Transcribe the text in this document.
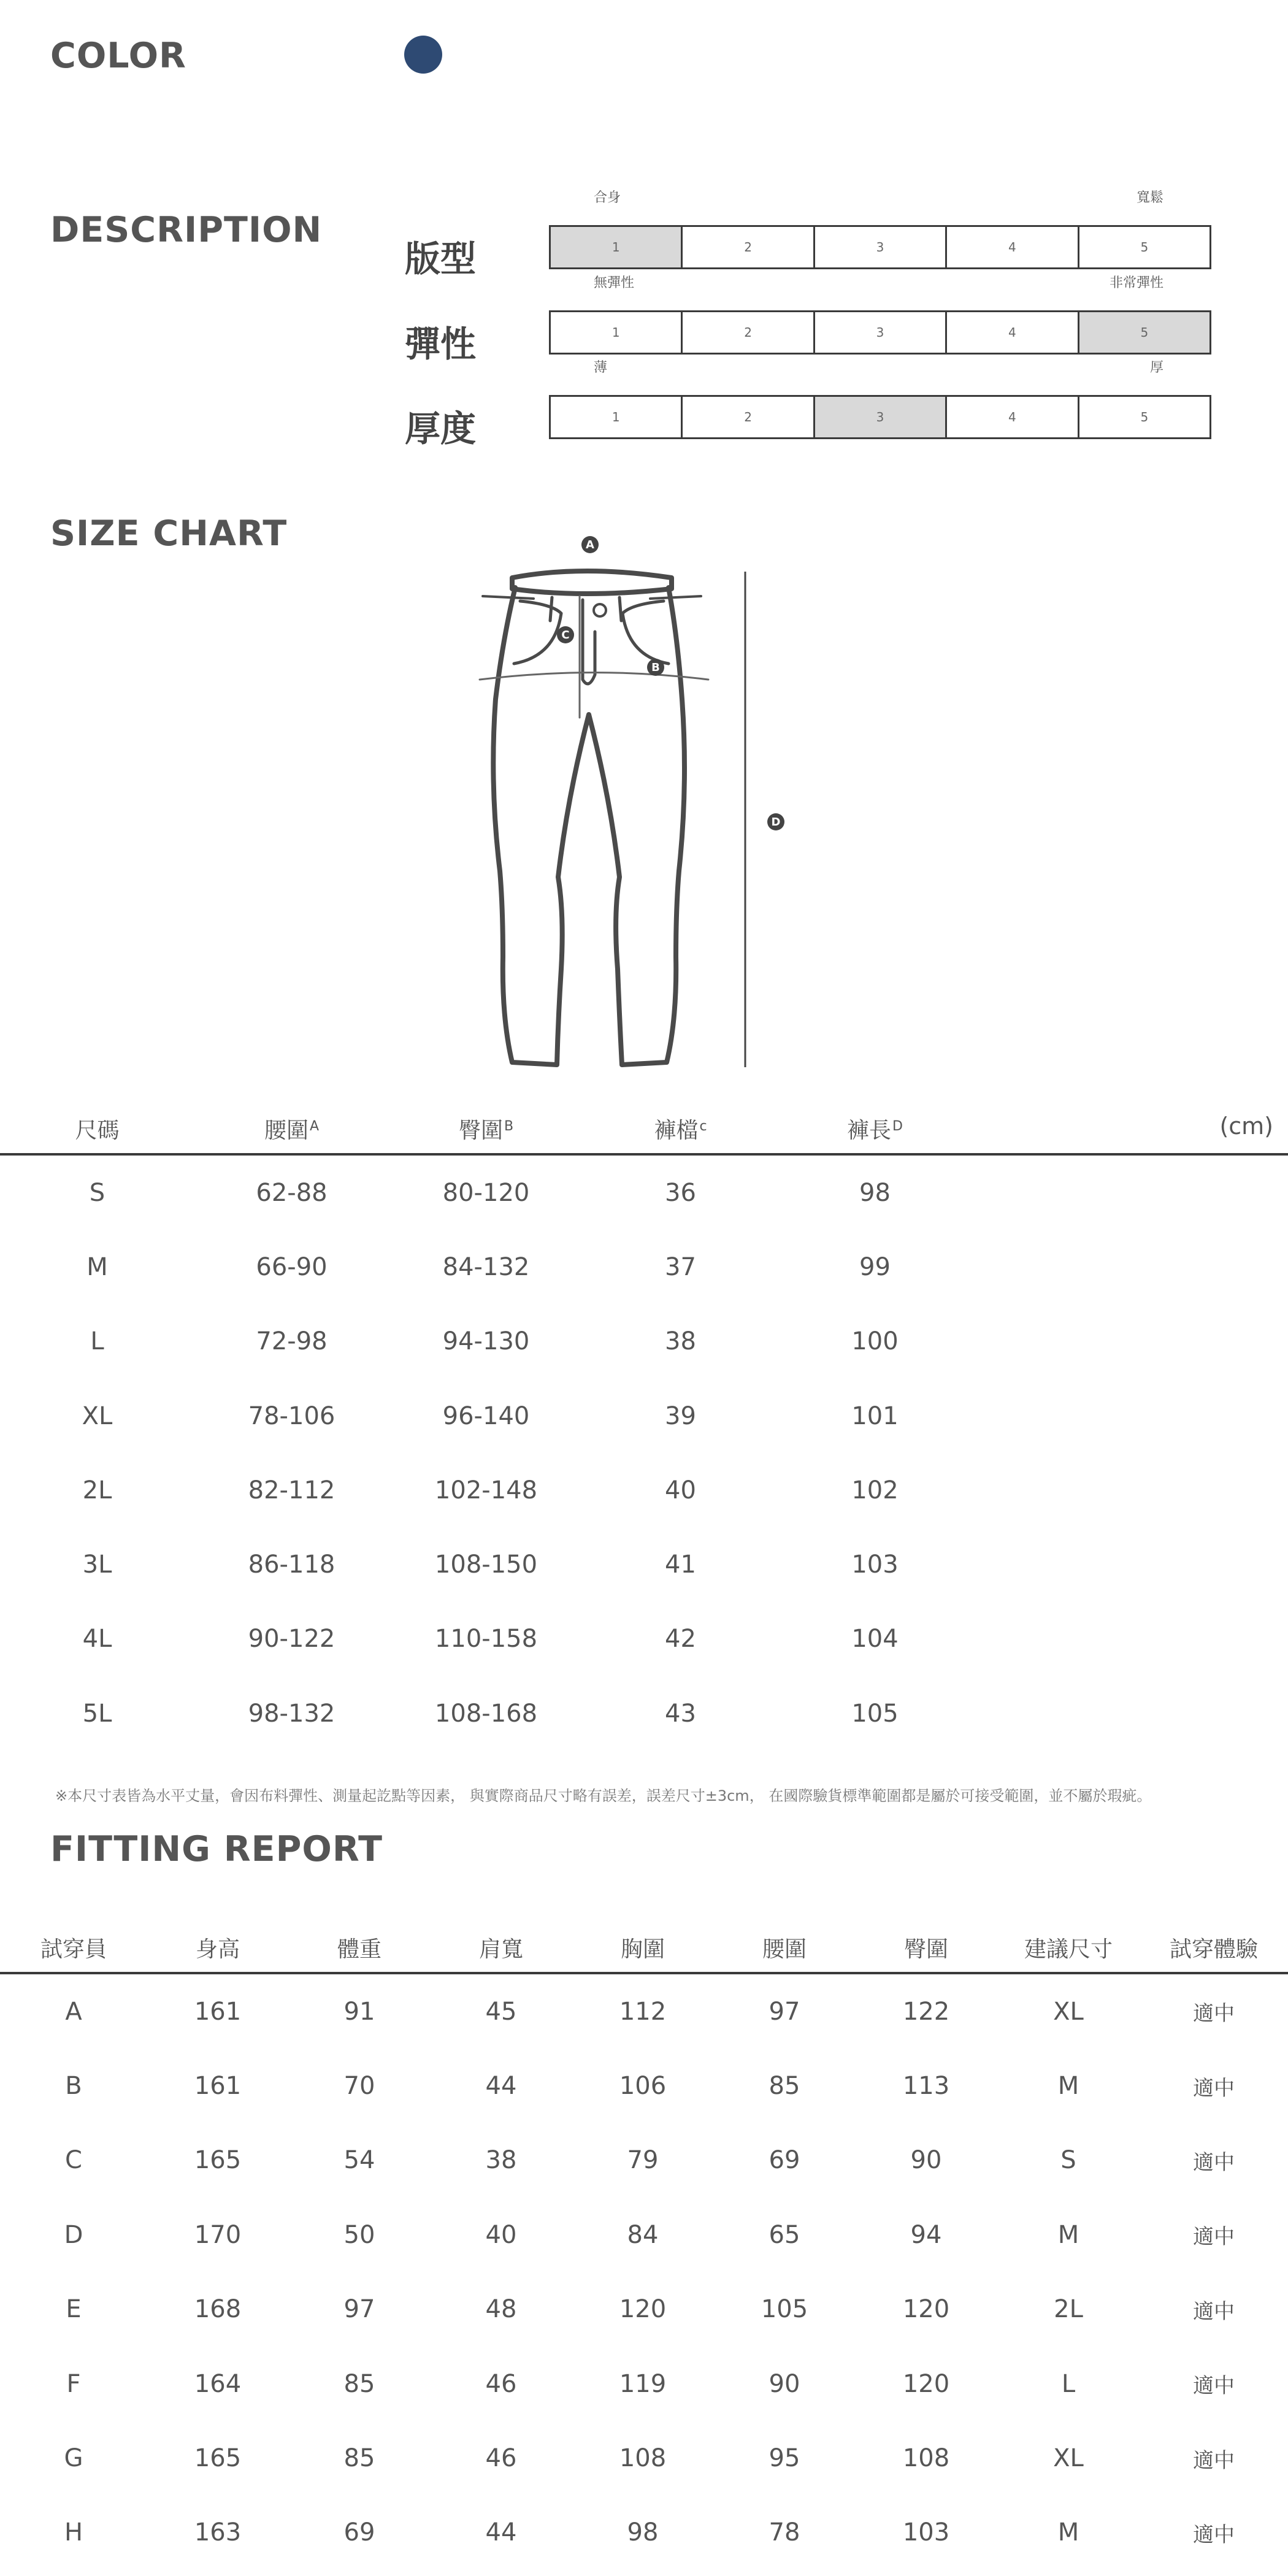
COLOR
DESCRIPTION
版型
合身	寬鬆
1	2	3	4	5
彈性
無彈性	非常彈性
1	2	3	4	5
厚度
薄	厚
1	2	3	4	5
SIZE CHART	A
B
C
D
(cm)
尺碼	腰圍$^A$	臀圍$^B$	褲檔$^c$	褲長$^D$	
S	62-88	80-120	36	98	
M	66-90	84-132	37	99	
L	72-98	94-130	38	100	
XL	78-106	96-140	39	101	
2L	82-112	102-148	40	102	
3L	86-118	108-150	41	103	
4L	90-122	110-158	42	104	
5L	98-132	108-168	43	105	
※本尺寸表皆為水平丈量，會因布料彈性、測量起訖點等因素， 與實際商品尺寸略有誤差，誤差尺寸±3cm， 在國際驗貨標準範圍都是屬於可接受範圍，並不屬於瑕疵。
FITTING REPORT
試穿員	身高	體重	肩寬	胸圍	腰圍	臀圍	建議尺寸	試穿體驗
A	161	91	45	112	97	122	XL	適中
B	161	70	44	106	85	113	M	適中
C	165	54	38	79	69	90	S	適中
D	170	50	40	84	65	94	M	適中
E	168	97	48	120	105	120	2L	適中
F	164	85	46	119	90	120	L	適中
G	165	85	46	108	95	108	XL	適中
H	163	69	44	98	78	103	M	適中
